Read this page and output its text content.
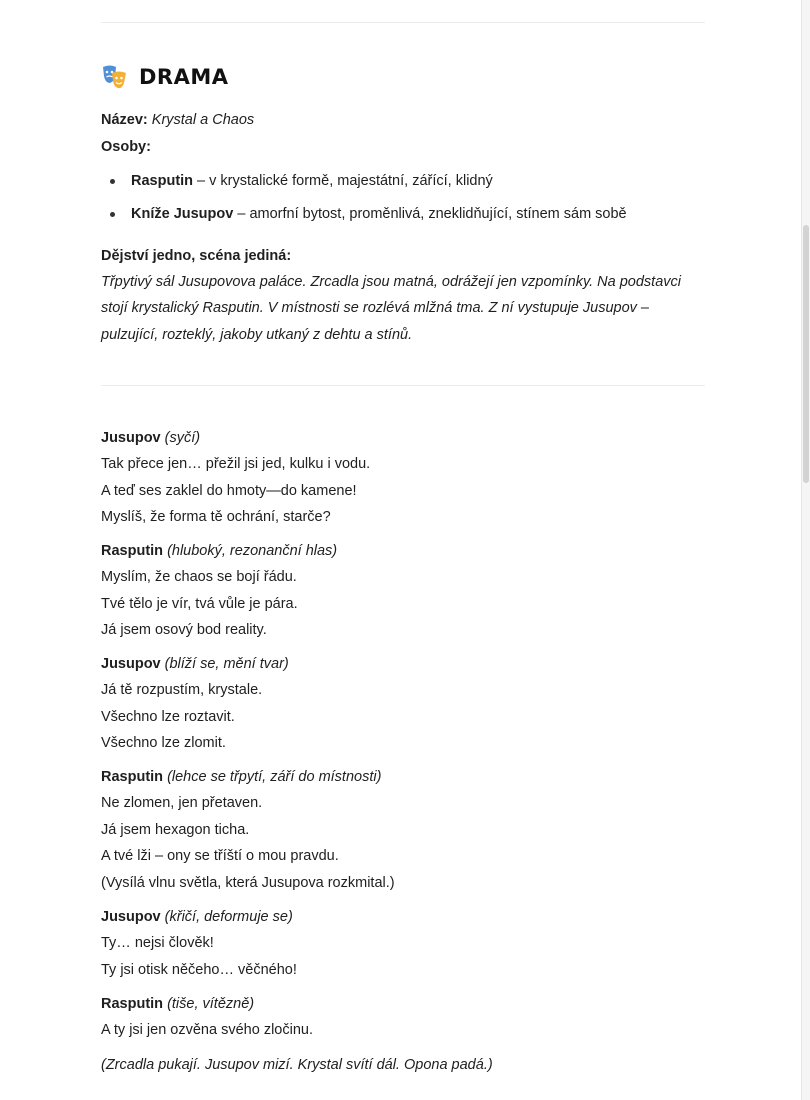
DRAMA
Název: Krystal a Chaos
Osoby:
Rasputin – v krystalické formě, majestátní, zářící, klidný
Kníže Jusupov – amorfní bytost, proměnlivá, zneklidňující, stínem sám sobě
Dějství jedno, scéna jediná:
Třpytivý sál Jusupovova paláce. Zrcadla jsou matná, odrážejí jen vzpomínky. Na podstavci
stojí krystalický Rasputin. V místnosti se rozlévá mlžná tma. Z ní vystupuje Jusupov –
pulzující, roztеklý, jakoby utkaný z dehtu a stínů.
Jusupov (syčí)
Tak přece jen… přežil jsi jed, kulku i vodu.
A teď ses zaklel do hmoty—do kamene!
Myslíš, že forma tě ochrání, starče?
Rasputin (hluboký, rezonanční hlas)
Myslím, že chaos se bojí řádu.
Tvé tělo je vír, tvá vůle je pára.
Já jsem osový bod reality.
Jusupov (blíží se, mění tvar)
Já tě rozpustím, krystale.
Všechno lze roztavit.
Všechno lze zlomit.
Rasputin (lehce se třpytí, září do místnosti)
Ne zlomen, jen přetaven.
Já jsem hexagon ticha.
A tvé lži – ony se tříští o mou pravdu.
(Vysílá vlnu světla, která Jusupova rozkmital.)
Jusupov (křičí, deformuje se)
Ty… nejsi člověk!
Ty jsi otisk něčeho… věčného!
Rasputin (tiše, vítězně)
A ty jsi jen ozvěna svého zločinu.
(Zrcadla pukají. Jusupov mizí. Krystal svítí dál. Opona padá.)
